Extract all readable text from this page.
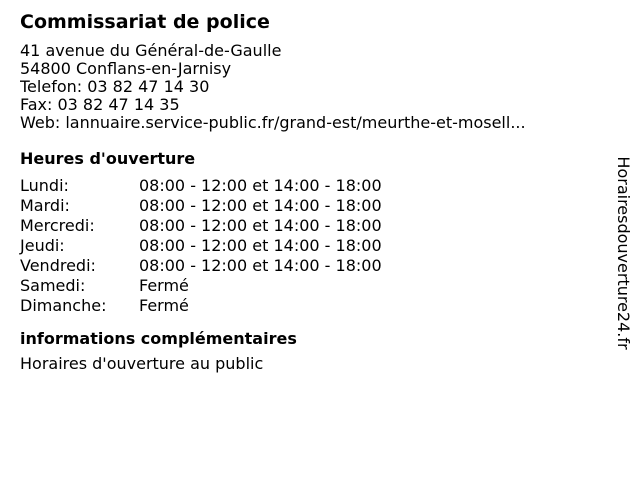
Commissariat de police
41 avenue du Général-de-Gaulle
54800 Conflans-en-Jarnisy
Telefon: 03 82 47 14 30
Fax: 03 82 47 14 35
Web: lannuaire.service-public.fr/grand-est/meurthe-et-mosell...
Heures d'ouverture
Lundi:	08:00 - 12:00 et 14:00 - 18:00
Mardi:	08:00 - 12:00 et 14:00 - 18:00
Mercredi:	08:00 - 12:00 et 14:00 - 18:00
Jeudi:	08:00 - 12:00 et 14:00 - 18:00
Vendredi:	08:00 - 12:00 et 14:00 - 18:00
Samedi:	Fermé
Dimanche:	Fermé
informations complémentaires
Horaires d'ouverture au public
Horairesdouverture24.fr
